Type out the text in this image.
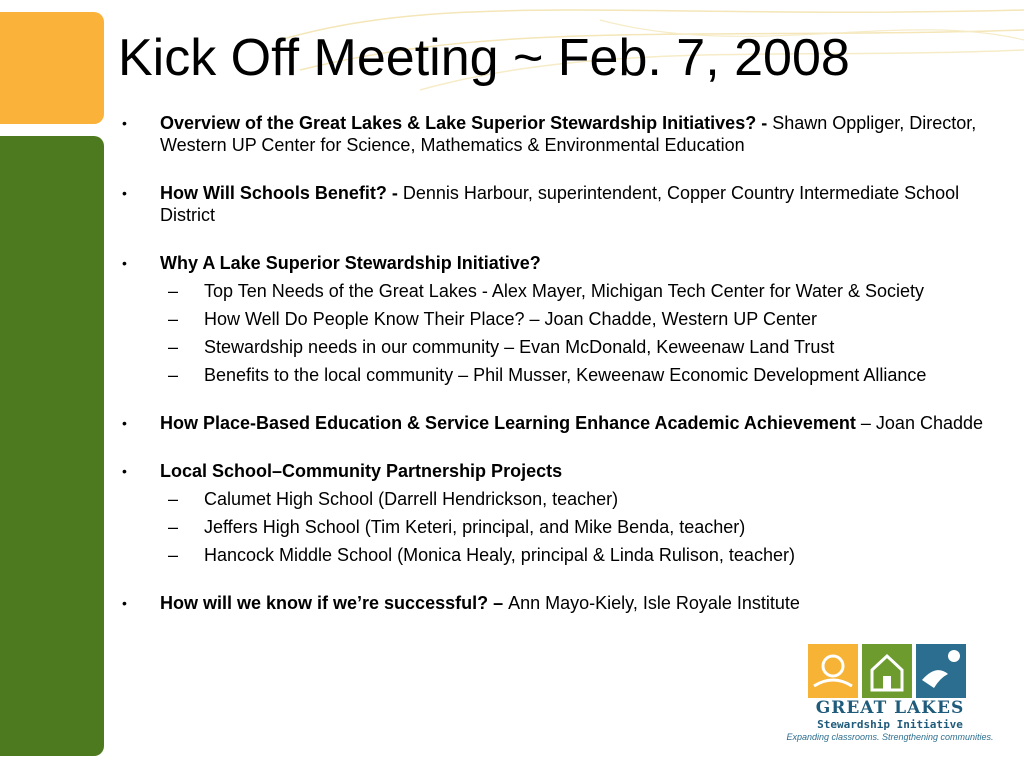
Kick Off Meeting ~ Feb. 7, 2008
• Overview of the Great Lakes & Lake Superior Stewardship Initiatives? - Shawn Oppliger, Director, Western UP Center for Science, Mathematics & Environmental Education
• How Will Schools Benefit? - Dennis Harbour, superintendent, Copper Country Intermediate School District
• Why A Lake Superior Stewardship Initiative?
– Top Ten Needs of the Great Lakes - Alex Mayer, Michigan Tech Center for Water & Society
– How Well Do People Know Their Place? – Joan Chadde, Western UP Center
– Stewardship needs in our community – Evan McDonald, Keweenaw Land Trust
– Benefits to the local community – Phil Musser, Keweenaw Economic Development Alliance
• How Place-Based Education & Service Learning Enhance Academic Achievement – Joan Chadde
• Local School–Community Partnership Projects
– Calumet High School (Darrell Hendrickson, teacher)
– Jeffers High School (Tim Keteri, principal, and Mike Benda, teacher)
– Hancock Middle School (Monica Healy, principal & Linda Rulison, teacher)
• How will we know if we’re successful? – Ann Mayo-Kiely, Isle Royale Institute
GREAT LAKES
Stewardship Initiative
Expanding classrooms. Strengthening communities.
